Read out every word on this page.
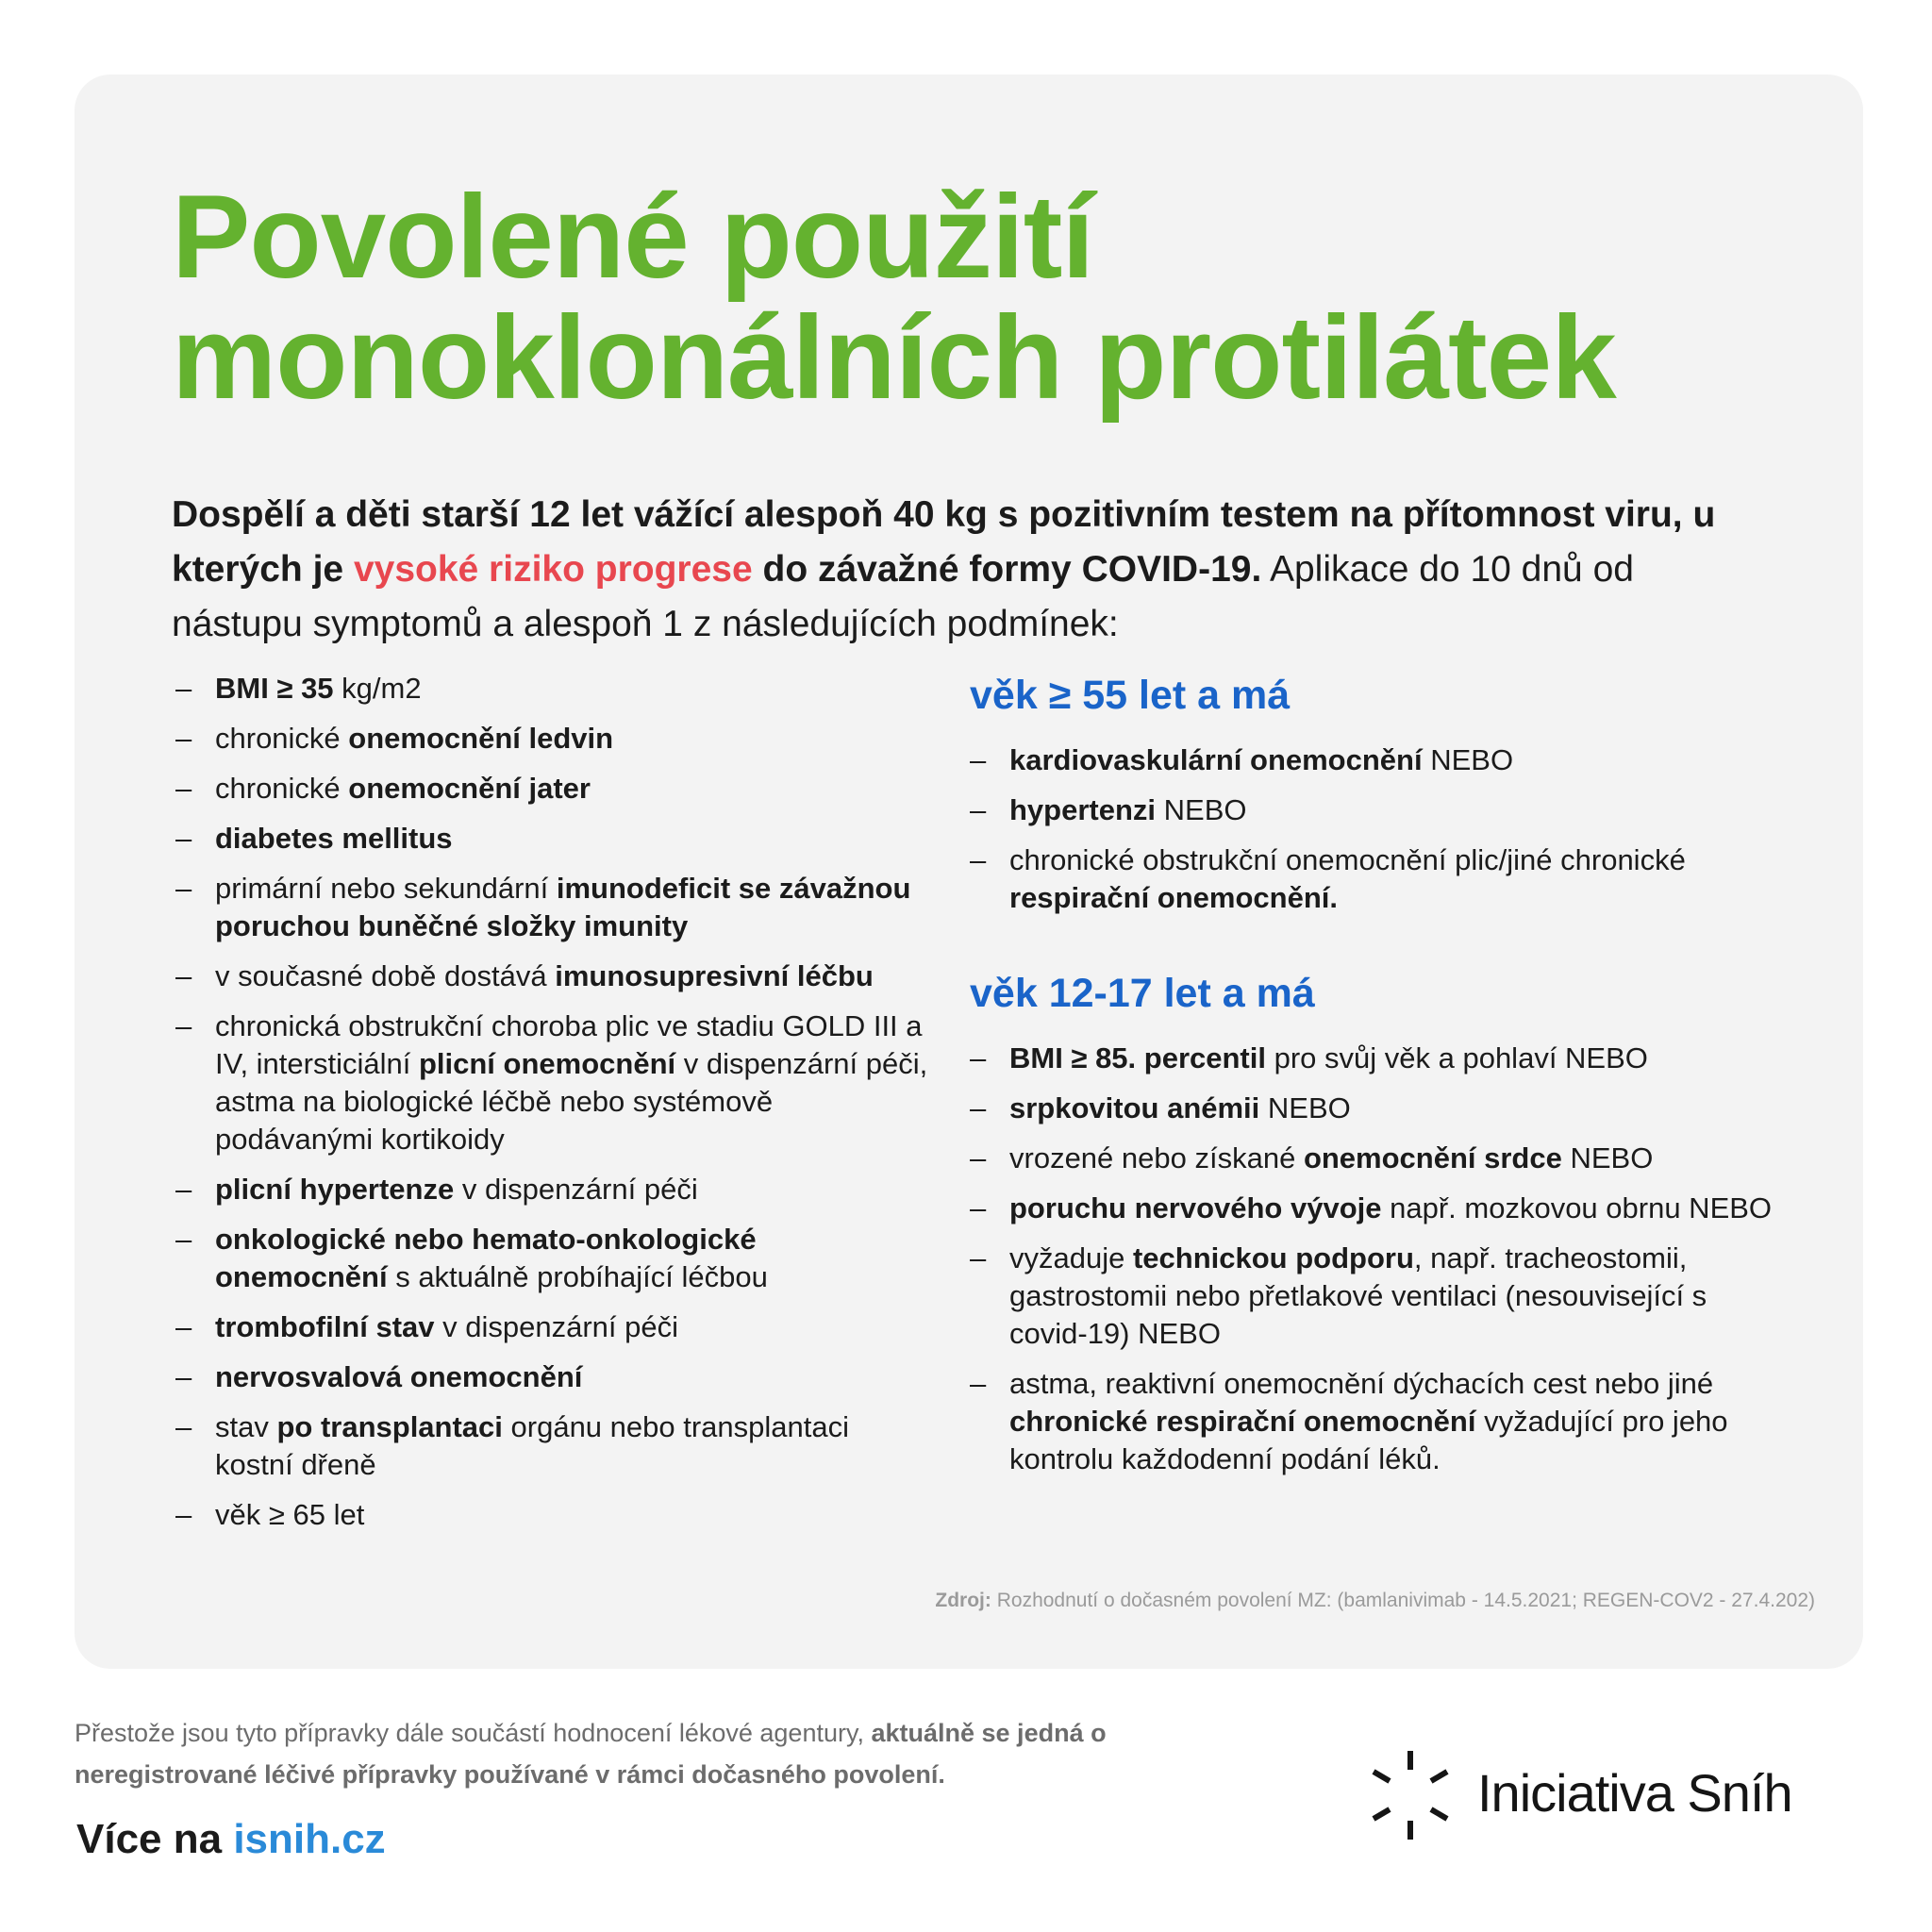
Povolené použití
monoklonálních protilátek

Dospělí a děti starší 12 let vážící alespoň 40 kg s pozitivním testem na přítomnost viru, u kterých je vysoké riziko progrese do závažné formy COVID-19. Aplikace do 10 dnů od nástupu symptomů a alespoň 1 z následujících podmínek:

– BMI ≥ 35 kg/m2
– chronické onemocnění ledvin
– chronické onemocnění jater
– diabetes mellitus
– primární nebo sekundární imunodeficit se závažnou poruchou buněčné složky imunity
– v současné době dostává imunosupresivní léčbu
– chronická obstrukční choroba plic ve stadiu GOLD III a IV, intersticiální plicní onemocnění v dispenzární péči, astma na biologické léčbě nebo systémově podávanými kortikoidy
– plicní hypertenze v dispenzární péči
– onkologické nebo hemato-onkologické onemocnění s aktuálně probíhající léčbou
– trombofilní stav v dispenzární péči
– nervosvalová onemocnění
– stav po transplantaci orgánu nebo transplantaci kostní dřeně
– věk ≥ 65 let
věk ≥ 55 let a má
– kardiovaskulární onemocnění NEBO
– hypertenzi NEBO
– chronické obstrukční onemocnění plic/jiné chronické respirační onemocnění.
věk 12-17 let a má
– BMI ≥ 85. percentil pro svůj věk a pohlaví NEBO
– srpkovitou anémii NEBO
– vrozené nebo získané onemocnění srdce NEBO
– poruchu nervového vývoje např. mozkovou obrnu NEBO
– vyžaduje technickou podporu, např. tracheostomii, gastrostomii nebo přetlakové ventilaci (nesouvisející s covid-19) NEBO
– astma, reaktivní onemocnění dýchacích cest nebo jiné chronické respirační onemocnění vyžadující pro jeho kontrolu každodenní podání léků.
Zdroj: Rozhodnutí o dočasném povolení MZ: (bamlanivimab - 14.5.2021; REGEN-COV2 - 27.4.202)

Přestože jsou tyto přípravky dále součástí hodnocení lékové agentury, aktuálně se jedná o neregistrované léčivé přípravky používané v rámci dočasného povolení.

Více na isnih.cz
Iniciativa Sníh
